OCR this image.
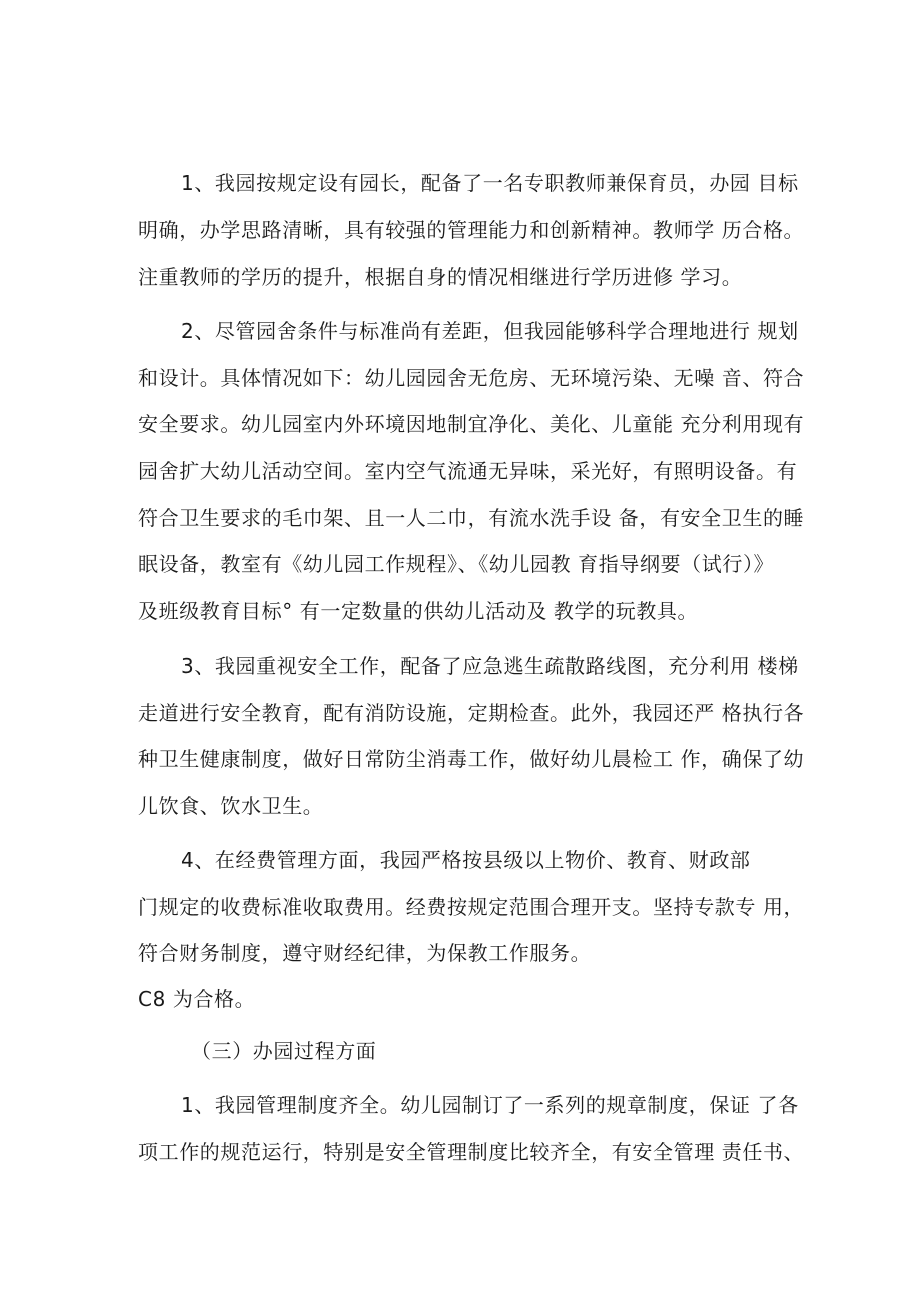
1、我园按规定设有园长，配备了一名专职教师兼保育员，办园 目标
明确，办学思路清晰，具有较强的管理能力和创新精神。教师学 历合格。
注重教师的学历的提升，根据自身的情况相继进行学历进修 学习。
2、尽管园舍条件与标准尚有差距，但我园能够科学合理地进行 规划
和设计。具体情况如下：幼儿园园舍无危房、无环境污染、无噪 音、符合
安全要求。幼儿园室内外环境因地制宜净化、美化、儿童能 充分利用现有
园舍扩大幼儿活动空间。室内空气流通无异味，采光好，有照明设备。有
符合卫生要求的毛巾架、且一人二巾，有流水洗手设 备，有安全卫生的睡
眠设备，教室有《幼儿园工作规程》、《幼儿园教 育指导纲要（试行）》
及班级教育目标° 有一定数量的供幼儿活动及 教学的玩教具。
3、我园重视安全工作，配备了应急逃生疏散路线图，充分利用 楼梯
走道进行安全教育，配有消防设施，定期检查。此外，我园还严 格执行各
种卫生健康制度，做好日常防尘消毒工作，做好幼儿晨检工 作，确保了幼
儿饮食、饮水卫生。
4、在经费管理方面，我园严格按县级以上物价、教育、财政部
门规定的收费标准收取费用。经费按规定范围合理开支。坚持专款专 用，
符合财务制度，遵守财经纪律，为保教工作服务。
C8 为合格。
（三）办园过程方面
1、我园管理制度齐全。幼儿园制订了一系列的规章制度，保证 了各
项工作的规范运行，特别是安全管理制度比较齐全，有安全管理 责任书、
